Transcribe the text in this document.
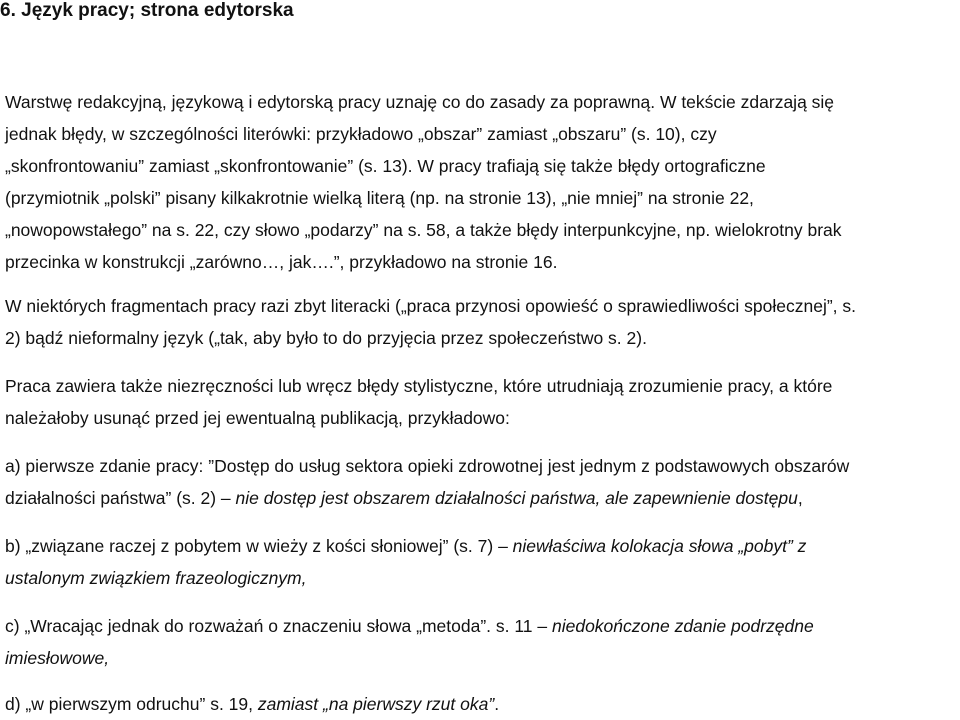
6. Język pracy; strona edytorska

Warstwę redakcyjną, językową i edytorską pracy uznaję co do zasady za poprawną. W tekście zdarzają się
jednak błędy, w szczególności literówki: przykładowo „obszar” zamiast „obszaru” (s. 10), czy
„skonfrontowaniu” zamiast „skonfrontowanie” (s. 13). W pracy trafiają się także błędy ortograficzne
(przymiotnik „polski” pisany kilkakrotnie wielką literą (np. na stronie 13), „nie mniej” na stronie 22,
„nowopowstałego” na s. 22, czy słowo „podarzy” na s. 58, a także błędy interpunkcyjne, np. wielokrotny brak
przecinka w konstrukcji „zarówno…, jak….”, przykładowo na stronie 16.

W niektórych fragmentach pracy razi zbyt literacki („praca przynosi opowieść o sprawiedliwości społecznej”, s.
2) bądź nieformalny język („tak, aby było to do przyjęcia przez społeczeństwo s. 2).

Praca zawiera także niezręczności lub wręcz błędy stylistyczne, które utrudniają zrozumienie pracy, a które
należałoby usunąć przed jej ewentualną publikacją, przykładowo:

a) pierwsze zdanie pracy: ”Dostęp do usług sektora opieki zdrowotnej jest jednym z podstawowych obszarów
działalności państwa” (s. 2) – nie dostęp jest obszarem działalności państwa, ale zapewnienie dostępu,

b) „związane raczej z pobytem w wieży z kości słoniowej” (s. 7) – niewłaściwa kolokacja słowa „pobyt” z
ustalonym związkiem frazeologicznym,

c) „Wracając jednak do rozważań o znaczeniu słowa „metoda”. s. 11 – niedokończone zdanie podrzędne
imiesłowowe,

d) „w pierwszym odruchu” s. 19, zamiast „na pierwszy rzut oka”.
